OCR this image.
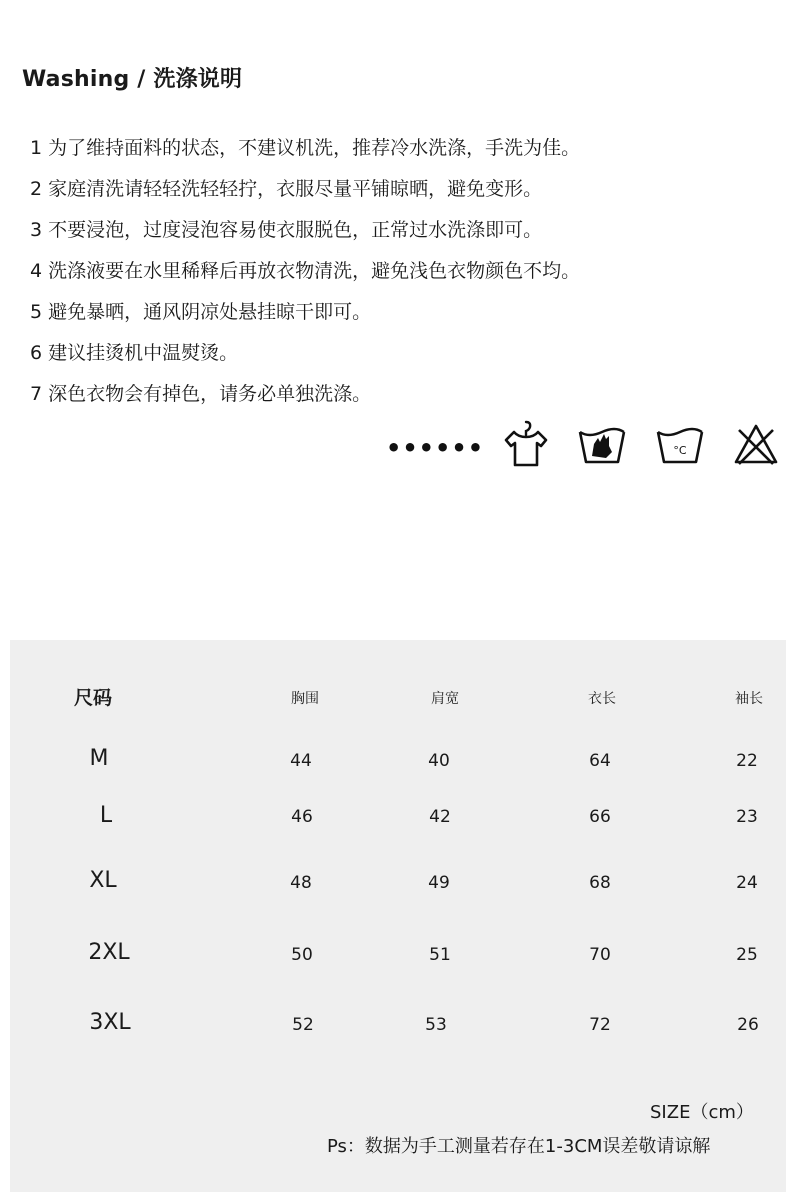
Washing / 洗涤说明
1 为了维持面料的状态，不建议机洗，推荐冷水洗涤，手洗为佳。
2 家庭清洗请轻轻洗轻轻拧，衣服尽量平铺晾晒，避免变形。
3 不要浸泡，过度浸泡容易使衣服脱色，正常过水洗涤即可。
4 洗涤液要在水里稀释后再放衣物清洗，避免浅色衣物颜色不均。
5 避免暴晒，通风阴凉处悬挂晾干即可。
6 建议挂烫机中温熨烫。
7 深色衣物会有掉色，请务必单独洗涤。
••••••	°C
尺码	胸围	肩宽	衣长	袖长
M	44	40	64	22
L	46	42	66	23
XL	48	49	68	24
2XL	50	51	70	25
3XL	52	53	72	26
SIZE（cm）
Ps：数据为手工测量若存在1-3CM误差敬请谅解
